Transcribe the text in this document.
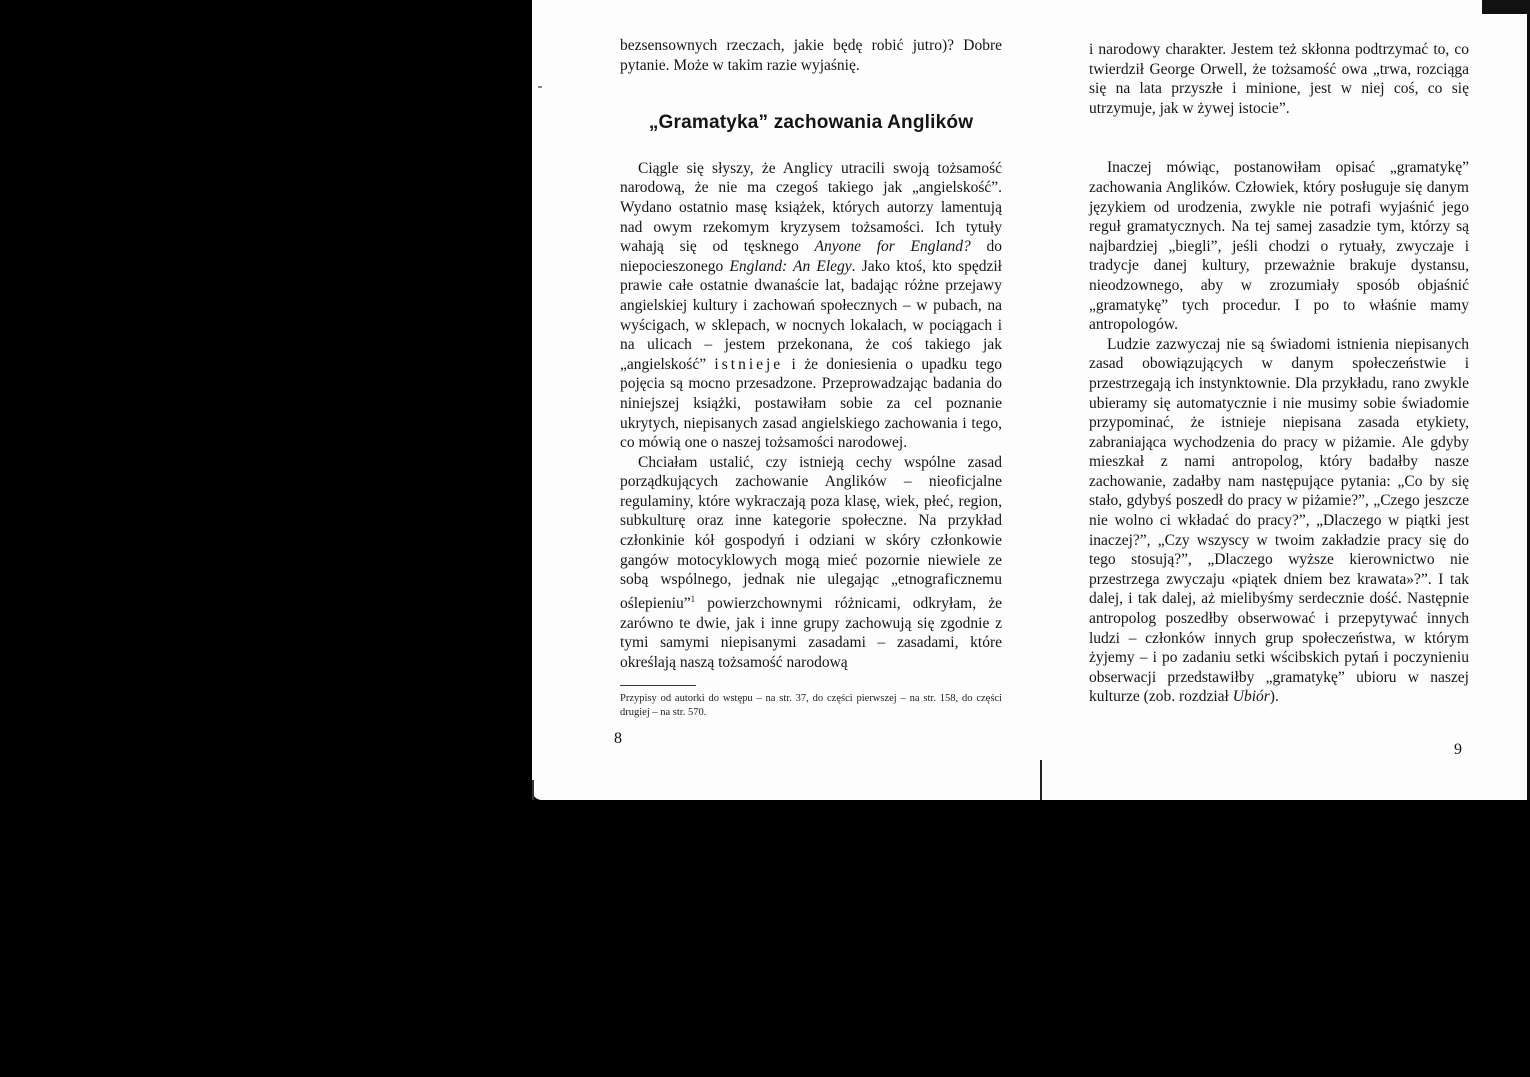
bezsensownych rzeczach, jakie będę robić jutro)? Dobre pytanie. Może w takim razie wyjaśnię.

„Gramatyka” zachowania Anglików

Ciągle się słyszy, że Anglicy utracili swoją tożsamość narodową, że nie ma czegoś takiego jak „angielskość”. Wydano ostatnio masę książek, których autorzy lamentują nad owym rzekomym kryzysem tożsamości. Ich tytuły wahają się od tęsknego Anyone for England? do niepocieszonego England: An Elegy. Jako ktoś, kto spędził prawie całe ostatnie dwanaście lat, badając różne przejawy angielskiej kultury i zachowań społecznych – w pubach, na wyścigach, w sklepach, w nocnych lokalach, w pociągach i na ulicach – jestem przekonana, że coś takiego jak „angielskość” istnieje i że doniesienia o upadku tego pojęcia są mocno przesadzone. Przeprowadzając badania do niniejszej książki, postawiłam sobie za cel poznanie ukrytych, niepisanych zasad angielskiego zachowania i tego, co mówią one o naszej tożsamości narodowej.

Chciałam ustalić, czy istnieją cechy wspólne zasad porządkujących zachowanie Anglików – nieoficjalne regulaminy, które wykraczają poza klasę, wiek, płeć, region, subkulturę oraz inne kategorie społeczne. Na przykład członkinie kół gospodyń i odziani w skóry członkowie gangów motocyklowych mogą mieć pozornie niewiele ze sobą wspólnego, jednak nie ulegając „etnograficznemu oślepieniu”$^1$ powierzchownymi różnicami, odkryłam, że zarówno te dwie, jak i inne grupy zachowują się zgodnie z tymi samymi niepisanymi zasadami – zasadami, które określają naszą tożsamość narodową

Przypisy od autorki do wstępu – na str. 37, do części pierwszej – na str. 158, do części drugiej – na str. 570.
8

i narodowy charakter. Jestem też skłonna podtrzymać to, co twierdził George Orwell, że tożsamość owa „trwa, rozciąga się na lata przyszłe i minione, jest w niej coś, co się utrzymuje, jak w żywej istocie”.

Inaczej mówiąc, postanowiłam opisać „gramatykę” zachowania Anglików. Człowiek, który posługuje się danym językiem od urodzenia, zwykle nie potrafi wyjaśnić jego reguł gramatycznych. Na tej samej zasadzie tym, którzy są najbardziej „biegli”, jeśli chodzi o rytuały, zwyczaje i tradycje danej kultury, przeważnie brakuje dystansu, nieodzownego, aby w zrozumiały sposób objaśnić „gramatykę” tych procedur. I po to właśnie mamy antropologów.

Ludzie zazwyczaj nie są świadomi istnienia niepisanych zasad obowiązujących w danym społeczeństwie i przestrzegają ich instynktownie. Dla przykładu, rano zwykle ubieramy się automatycznie i nie musimy sobie świadomie przypominać, że istnieje niepisana zasada etykiety, zabraniająca wychodzenia do pracy w piżamie. Ale gdyby mieszkał z nami antropolog, który badałby nasze zachowanie, zadałby nam następujące pytania: „Co by się stało, gdybyś poszedł do pracy w piżamie?”, „Czego jeszcze nie wolno ci wkładać do pracy?”, „Dlaczego w piątki jest inaczej?”, „Czy wszyscy w twoim zakładzie pracy się do tego stosują?”, „Dlaczego wyższe kierownictwo nie przestrzega zwyczaju «piątek dniem bez krawata»?”. I tak dalej, i tak dalej, aż mielibyśmy serdecznie dość. Następnie antropolog poszedłby obserwować i przepytywać innych ludzi – członków innych grup społeczeństwa, w którym żyjemy – i po zadaniu setki wścibskich pytań i poczynieniu obserwacji przedstawiłby „gramatykę” ubioru w naszej kulturze (zob. rozdział Ubiór).

9
